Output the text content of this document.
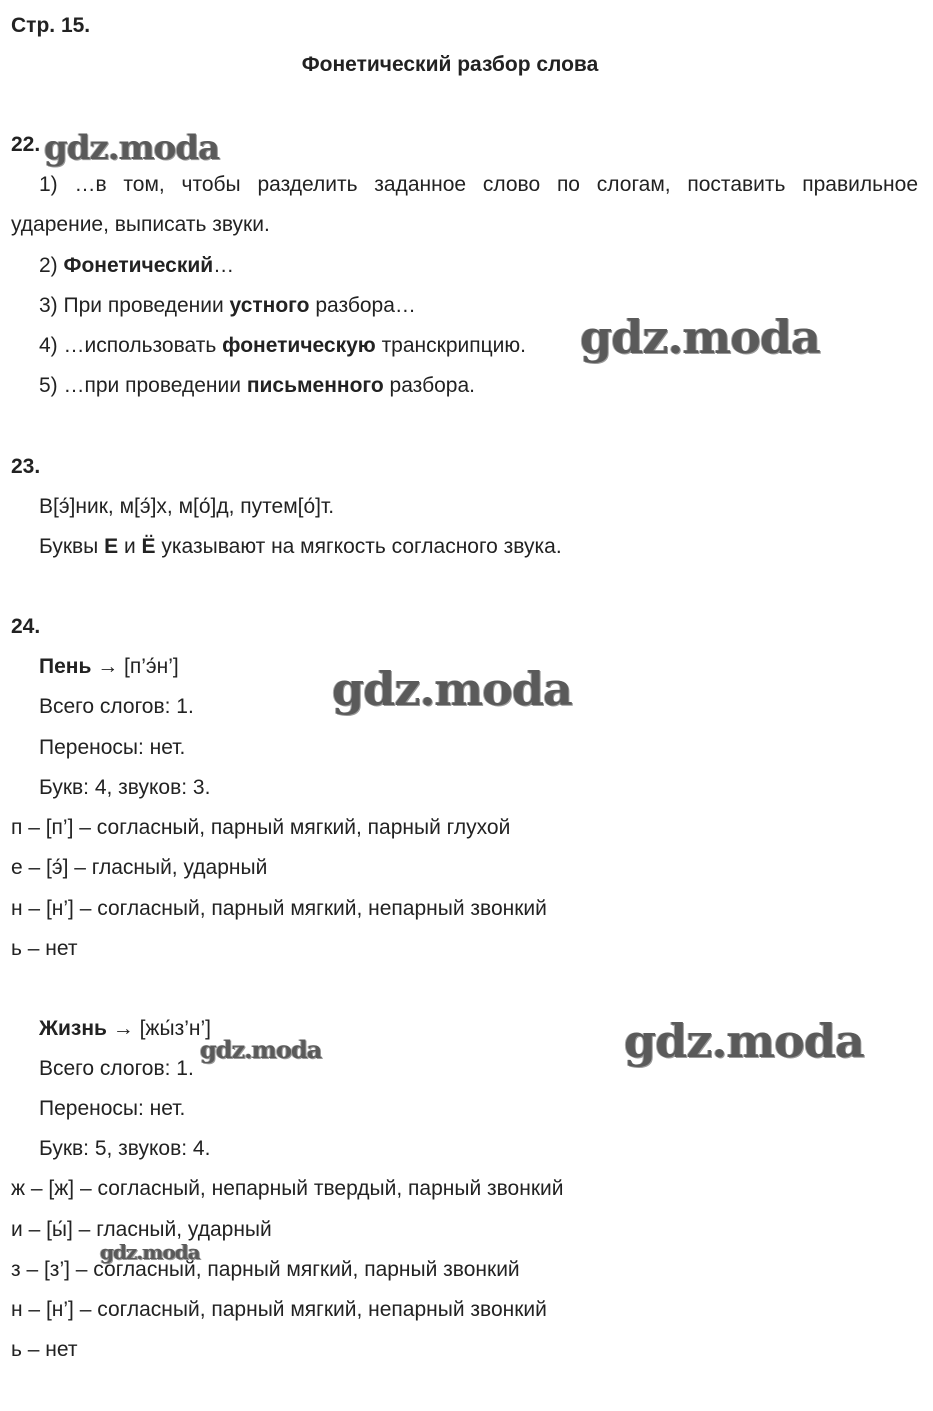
Стр. 15.
Фонетический разбор слова
22.
1) …в том, чтобы разделить заданное слово по слогам, поставить правильное
ударение, выписать звуки.
2) Фонетический…
3) При проведении устного разбора…
4) …использовать фонетическую транскрипцию.
5) …при проведении письменного разбора.
23.
В[э́]ник, м[э́]х, м[о́]д, путем[о́]т.
Буквы Е и Ё указывают на мягкость согласного звука.
24.
Пень → [п’э́н’]
Всего слогов: 1.
Переносы: нет.
Букв: 4, звуков: 3.
п – [п’] – согласный, парный мягкий, парный глухой
е – [э́] – гласный, ударный
н – [н’] – согласный, парный мягкий, непарный звонкий
ь – нет
Жизнь → [жы́з’н’]
Всего слогов: 1.
Переносы: нет.
Букв: 5, звуков: 4.
ж – [ж] – согласный, непарный твердый, парный звонкий
и – [ы́] – гласный, ударный
з – [з’] – согласный, парный мягкий, парный звонкий
н – [н’] – согласный, парный мягкий, непарный звонкий
ь – нет
gdz.moda
gdz.moda
gdz.moda
gdz.moda
gdz.moda
gdz.moda
